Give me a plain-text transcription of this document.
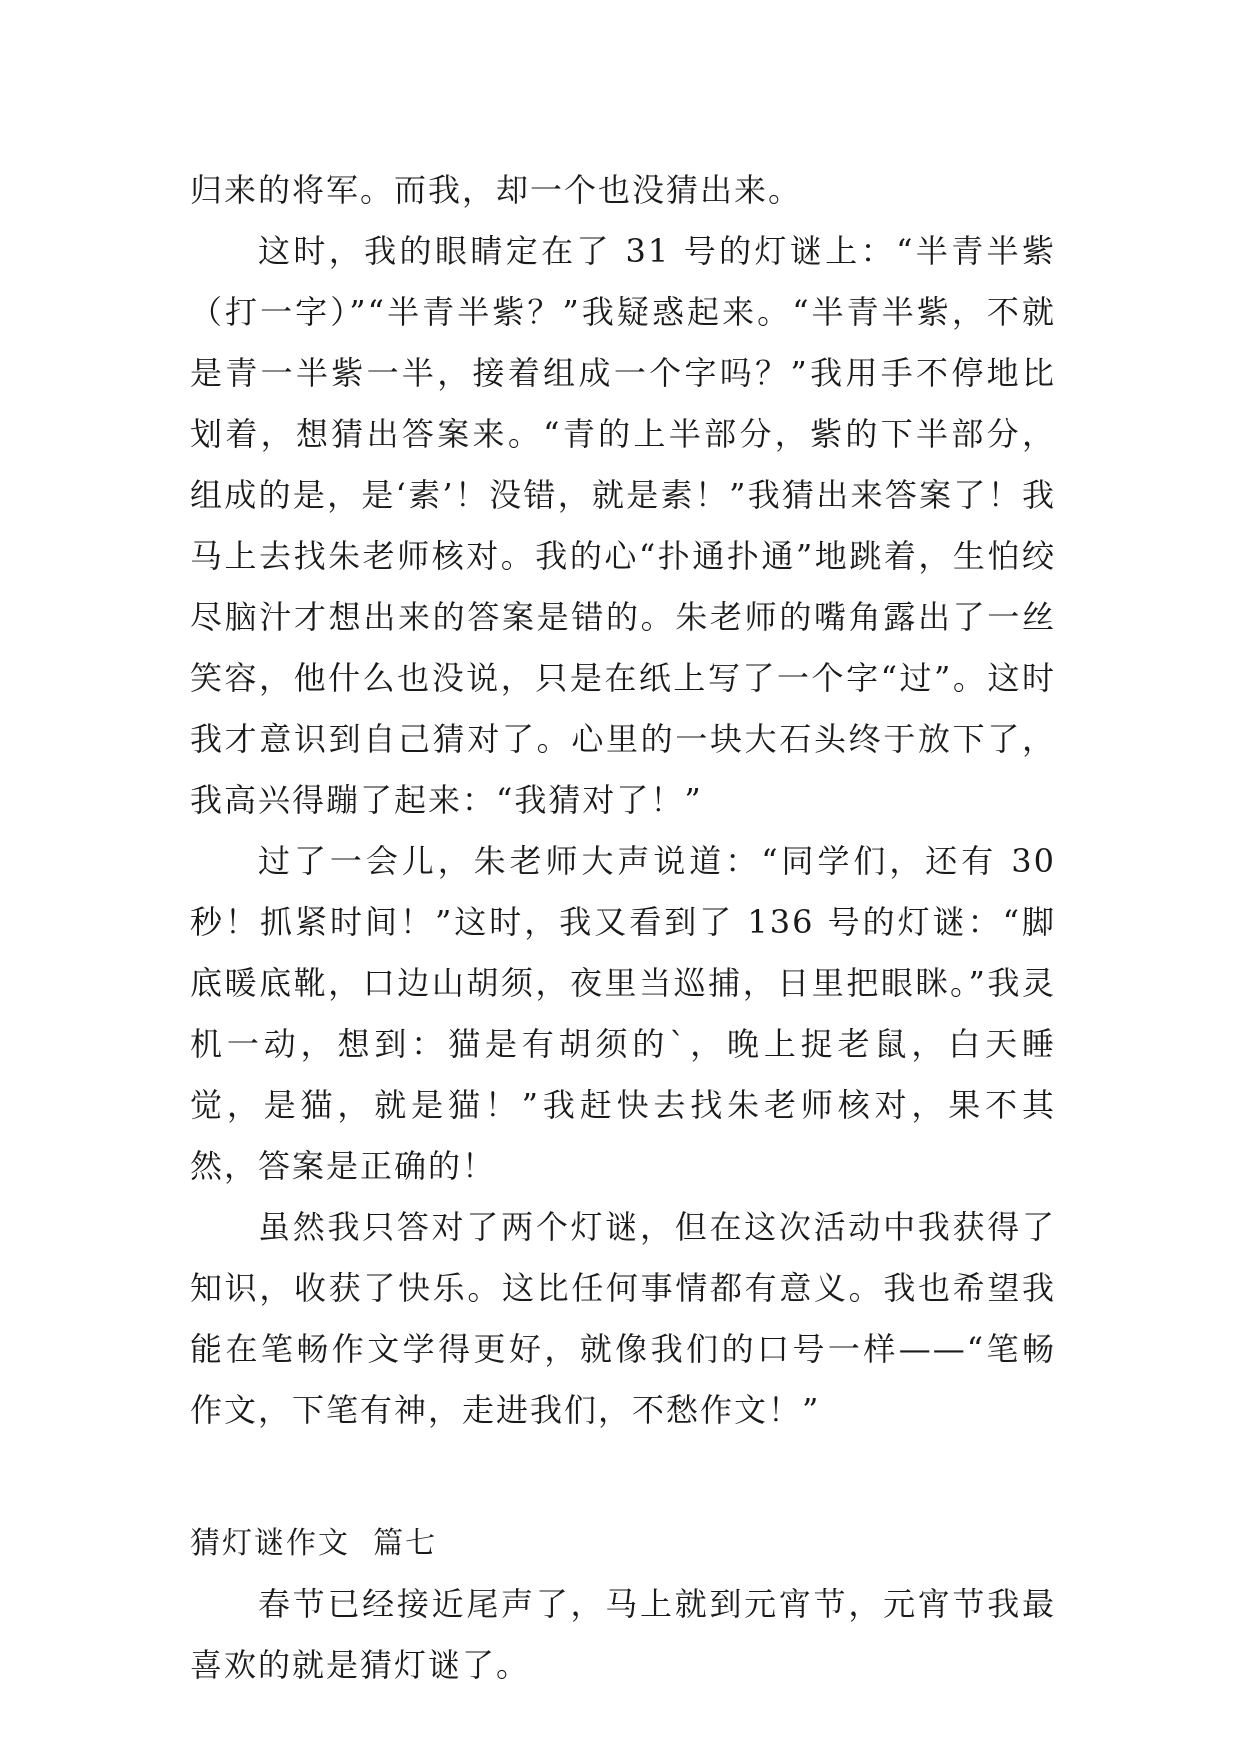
归来的将军。而我，却一个也没猜出来。

这时，我的眼睛定在了 31 号的灯谜上：“半青半紫（打一字）”“半青半紫？”我疑惑起来。“半青半紫，不就是青一半紫一半，接着组成一个字吗？”我用手不停地比划着，想猜出答案来。“青的上半部分，紫的下半部分，组成的是，是‘素’！没错，就是素！”我猜出来答案了！我马上去找朱老师核对。我的心“扑通扑通”地跳着，生怕绞尽脑汁才想出来的答案是错的。朱老师的嘴角露出了一丝笑容，他什么也没说，只是在纸上写了一个字“过”。这时我才意识到自己猜对了。心里的一块大石头终于放下了，我高兴得蹦了起来：“我猜对了！”

过了一会儿，朱老师大声说道：“同学们，还有 30 秒！抓紧时间！”这时，我又看到了 136 号的灯谜：“脚底暖底靴，口边山胡须，夜里当巡捕，日里把眼眯。”我灵机一动，想到：猫是有胡须的`，晚上捉老鼠，白天睡觉，是猫，就是猫！”我赶快去找朱老师核对，果不其然，答案是正确的！

虽然我只答对了两个灯谜，但在这次活动中我获得了知识，收获了快乐。这比任何事情都有意义。我也希望我能在笔畅作文学得更好，就像我们的口号一样——“笔畅作文，下笔有神，走进我们，不愁作文！”

猜灯谜作文  篇七

春节已经接近尾声了，马上就到元宵节，元宵节我最喜欢的就是猜灯谜了。
